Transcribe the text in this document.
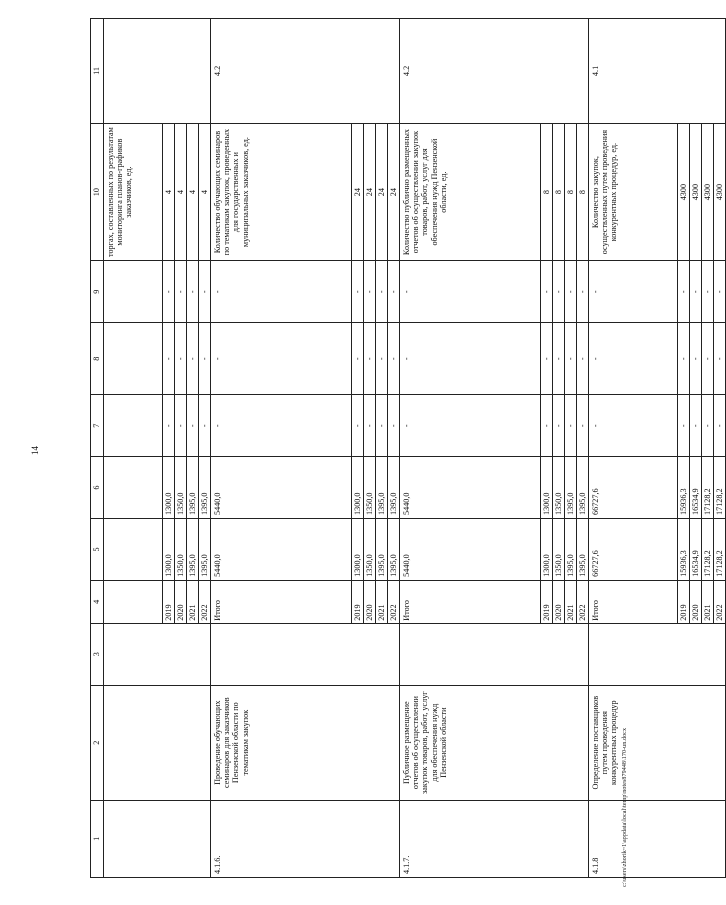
14
c:\users\zhorik~1\appdata\local\temp\notes879448\170-un.docx
1	2	3	4	5	6	7	8	9	10	11
									торгах, составленных по результатам мониторинга планов-графиков заказчиков, ед.	
			2019	1300,0	1300,0	-	-	-	4	
			2020	1350,0	1350,0	-	-	-	4	
			2021	1395,0	1395,0	-	-	-	4	
			2022	1395,0	1395,0	-	-	-	4	
4.1.6.	Проведение обучающих семинаров для заказчиков Пензенской области по тематикам закупок		Итого	5440,0	5440,0	-	-	-	Количество обучающих семинаров по тематикам закупок, проведенных для государственных и муниципальных заказчиков, ед.	4.2
			2019	1300,0	1300,0	-	-	-	24	
			2020	1350,0	1350,0	-	-	-	24	
			2021	1395,0	1395,0	-	-	-	24	
			2022	1395,0	1395,0	-	-	-	24	
4.1.7.	Публичное размещение отчетов об осуществлении закупок товаров, работ, услуг для обеспечения нужд Пензенской области		Итого	5440,0	5440,0	-	-	-	Количество публично размещенных отчетов об осуществлении закупок товаров, работ, услуг для обеспечения нужд Пензенской области, ед.	4.2
			2019	1300,0	1300,0	-	-	-	8	
			2020	1350,0	1350,0	-	-	-	8	
			2021	1395,0	1395,0	-	-	-	8	
			2022	1395,0	1395,0	-	-	-	8	
4.1.8	Определение поставщиков путем проведения конкурентных процедур		Итого	66727,6	66727,6	-	-	-	Количество закупок, осуществленных путем проведения конкурентных процедур, ед.	4.1
			2019	15936,3	15936,3	-	-	-	4300	
			2020	16534,9	16534,9	-	-	-	4300	
			2021	17128,2	17128,2	-	-	-	4300	
			2022	17128,2	17128,2	-	-	-	4300	
